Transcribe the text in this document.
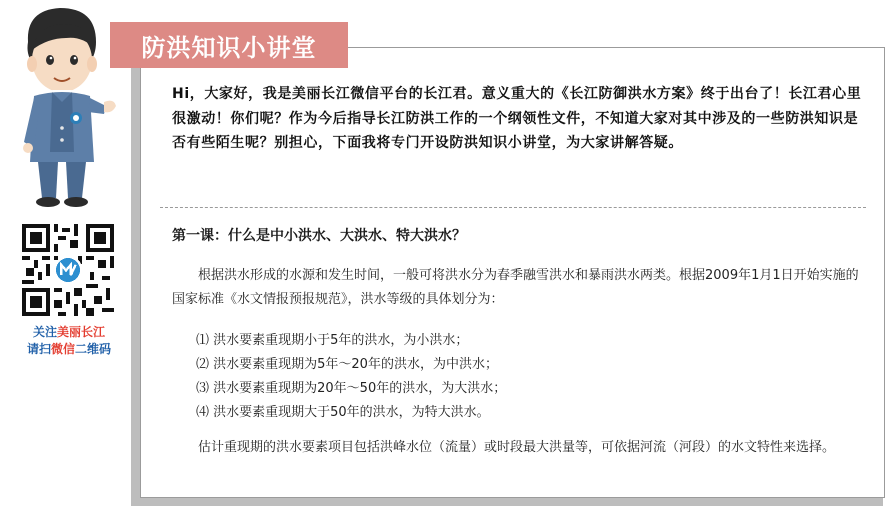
关注美丽长江
请扫微信二维码
防洪知识小讲堂
Hi，大家好，我是美丽长江微信平台的长江君。意义重大的《长江防御洪水方案》终于出台了！长江君心里很激动！你们呢？作为今后指导长江防洪工作的一个纲领性文件，不知道大家对其中涉及的一些防洪知识是否有些陌生呢？别担心，下面我将专门开设防洪知识小讲堂，为大家讲解答疑。
第一课：什么是中小洪水、大洪水、特大洪水？
根据洪水形成的水源和发生时间，一般可将洪水分为春季融雪洪水和暴雨洪水两类。根据2009年1月1日开始实施的国家标准《水文情报预报规范》，洪水等级的具体划分为：
⑴ 洪水要素重现期小于5年的洪水，为小洪水；
⑵ 洪水要素重现期为5年～20年的洪水，为中洪水；
⑶ 洪水要素重现期为20年～50年的洪水，为大洪水；
⑷ 洪水要素重现期大于50年的洪水，为特大洪水。
估计重现期的洪水要素项目包括洪峰水位（流量）或时段最大洪量等，可依据河流（河段）的水文特性来选择。
